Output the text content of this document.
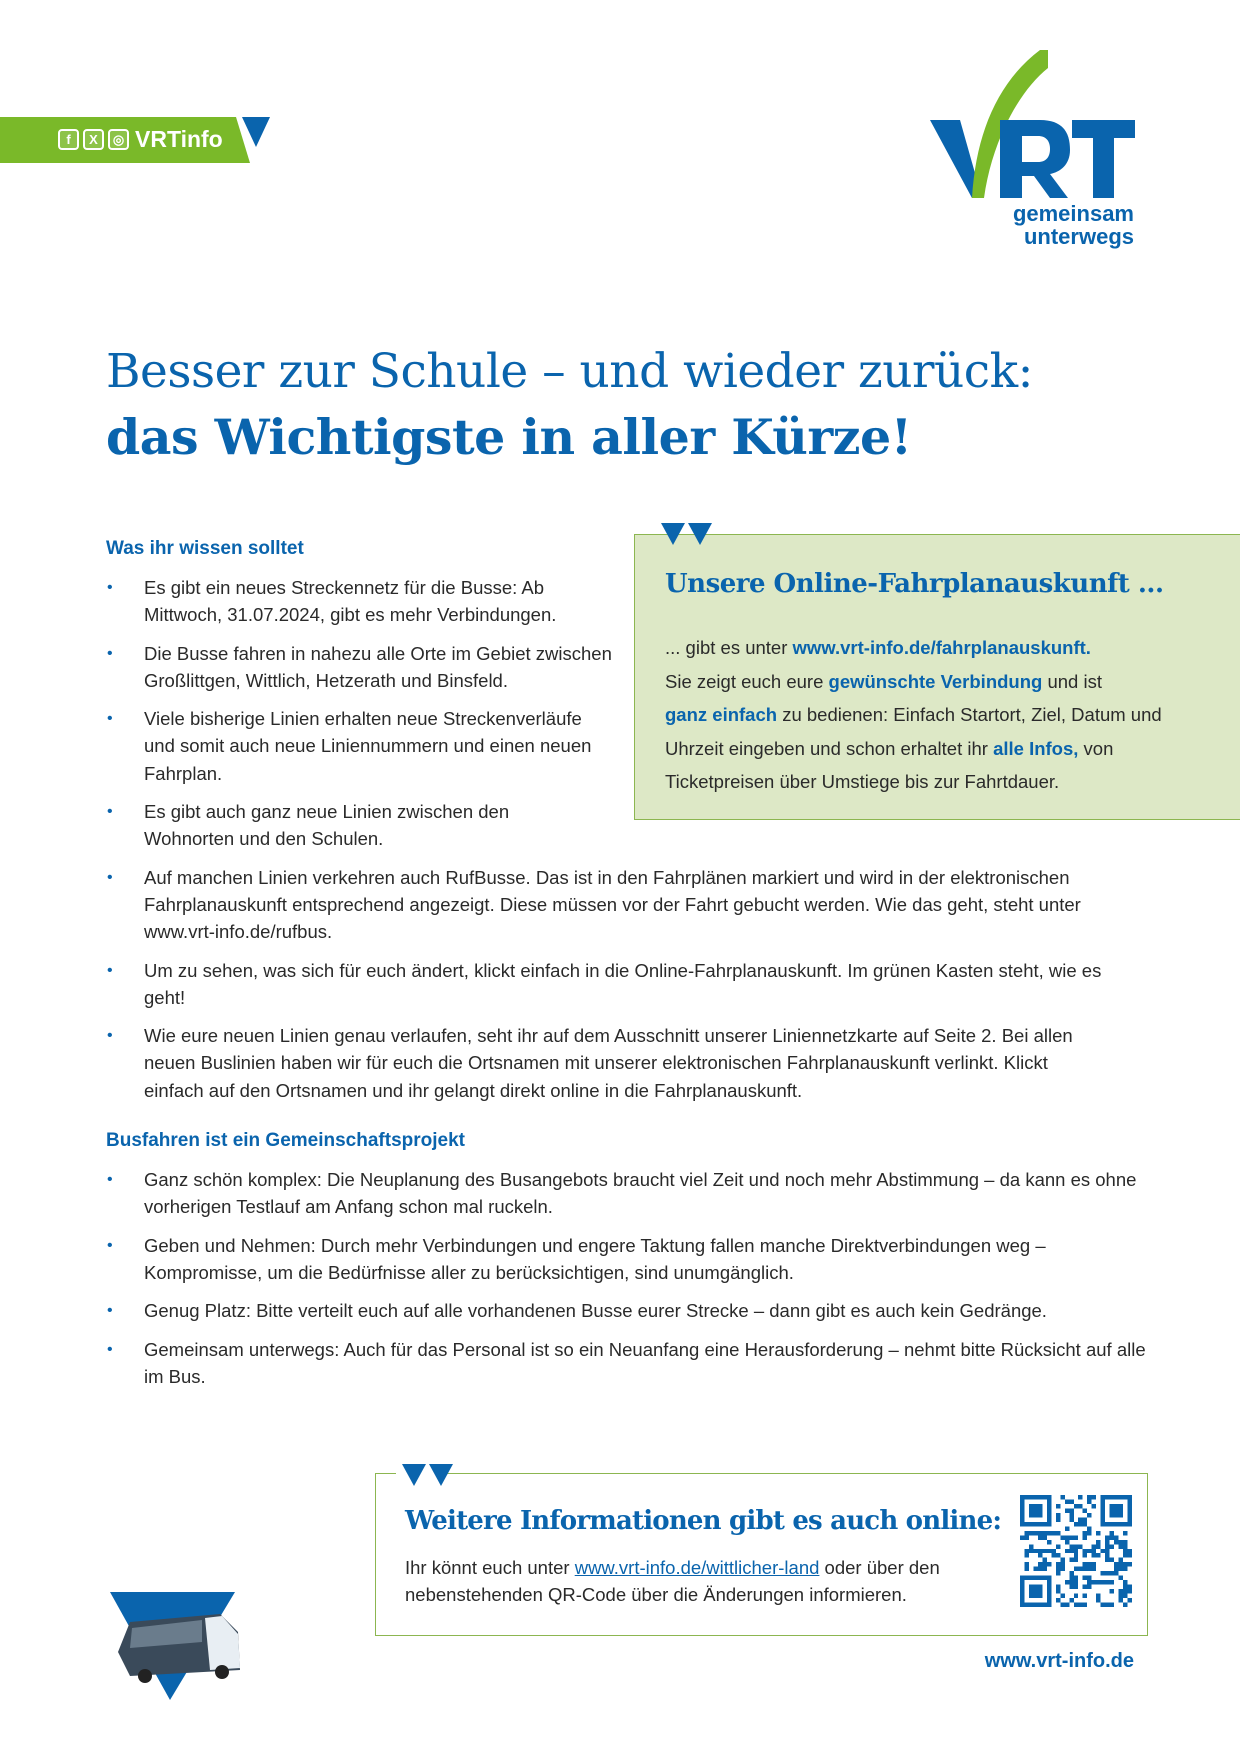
f	X	◎ VRTinfo
gemeinsam
unterwegs
Besser zur Schule – und wieder zurück:
das Wichtigste in aller Kürze!
Was ihr wissen solltet
• Es gibt ein neues Streckennetz für die Busse: Ab Mittwoch, 31.07.2024, gibt es mehr Verbindungen.
• Die Busse fahren in nahezu alle Orte im Gebiet zwischen Großlittgen, Wittlich, Hetzerath und Binsfeld.
• Viele bisherige Linien erhalten neue Streckenverläufe und somit auch neue Liniennummern und einen neuen Fahrplan.
• Es gibt auch ganz neue Linien zwischen den Wohnorten und den Schulen.
• Auf manchen Linien verkehren auch RufBusse. Das ist in den Fahrplänen markiert und wird in der elektronischen Fahrplanauskunft entsprechend angezeigt. Diese müssen vor der Fahrt gebucht werden. Wie das geht, steht unter www.vrt-info.de/rufbus.
• Um zu sehen, was sich für euch ändert, klickt einfach in die Online-Fahrplanauskunft. Im grünen Kasten steht, wie es geht!
• Wie eure neuen Linien genau verlaufen, seht ihr auf dem Ausschnitt unserer Liniennetzkarte auf Seite 2. Bei allen neuen Buslinien haben wir für euch die Ortsnamen mit unserer elektronischen Fahrplanauskunft verlinkt. Klickt einfach auf den Ortsnamen und ihr gelangt direkt online in die Fahrplanauskunft.
Busfahren ist ein Gemeinschaftsprojekt
• Ganz schön komplex: Die Neuplanung des Busangebots braucht viel Zeit und noch mehr Abstimmung – da kann es ohne vorherigen Testlauf am Anfang schon mal ruckeln.
• Geben und Nehmen: Durch mehr Verbindungen und engere Taktung fallen manche Direktverbindungen weg – Kompromisse, um die Bedürfnisse aller zu berücksichtigen, sind unumgänglich.
• Genug Platz: Bitte verteilt euch auf alle vorhandenen Busse eurer Strecke – dann gibt es auch kein Gedränge.
• Gemeinsam unterwegs: Auch für das Personal ist so ein Neuanfang eine Herausforderung – nehmt bitte Rücksicht auf alle im Bus.
Unsere Online-Fahrplanauskunft ...
... gibt es unter www.vrt-info.de/fahrplanauskunft.
Sie zeigt euch eure gewünschte Verbindung und ist
ganz einfach zu bedienen: Einfach Startort, Ziel, Datum und Uhrzeit eingeben und schon erhaltet ihr alle Infos, von Ticketpreisen über Umstiege bis zur Fahrtdauer.
Weitere Informationen gibt es auch online:
Ihr könnt euch unter www.vrt-info.de/wittlicher-land oder über den nebenstehenden QR-Code über die Änderungen informieren.
www.vrt-info.de
